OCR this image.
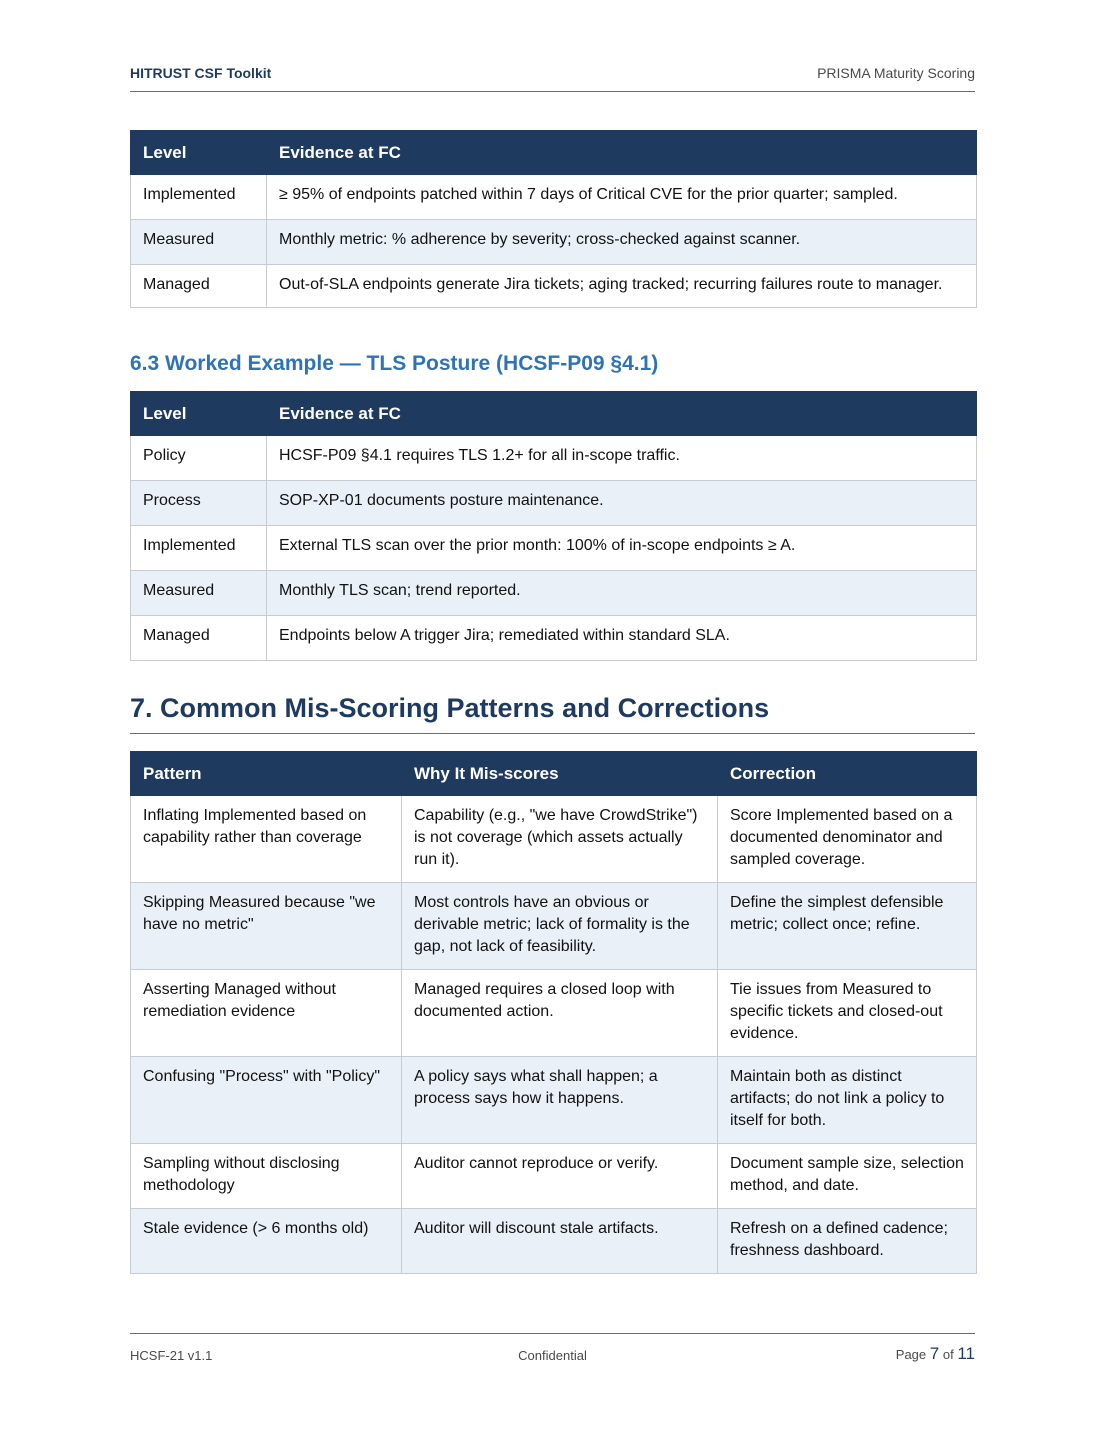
HITRUST CSF Toolkit	PRISMA Maturity Scoring
Level	Evidence at FC
Implemented	≥ 95% of endpoints patched within 7 days of Critical CVE for the prior quarter; sampled.
Measured	Monthly metric: % adherence by severity; cross-checked against scanner.
Managed	Out-of-SLA endpoints generate Jira tickets; aging tracked; recurring failures route to manager.
6.3 Worked Example — TLS Posture (HCSF-P09 §4.1)
Level	Evidence at FC
Policy	HCSF-P09 §4.1 requires TLS 1.2+ for all in-scope traffic.
Process	SOP-XP-01 documents posture maintenance.
Implemented	External TLS scan over the prior month: 100% of in-scope endpoints ≥ A.
Measured	Monthly TLS scan; trend reported.
Managed	Endpoints below A trigger Jira; remediated within standard SLA.
7. Common Mis-Scoring Patterns and Corrections
Pattern	Why It Mis-scores	Correction
Inflating Implemented based on capability rather than coverage	Capability (e.g., "we have CrowdStrike") is not coverage (which assets actually run it).	Score Implemented based on a documented denominator and sampled coverage.
Skipping Measured because "we have no metric"	Most controls have an obvious or derivable metric; lack of formality is the gap, not lack of feasibility.	Define the simplest defensible metric; collect once; refine.
Asserting Managed without remediation evidence	Managed requires a closed loop with documented action.	Tie issues from Measured to specific tickets and closed-out evidence.
Confusing "Process" with "Policy"	A policy says what shall happen; a process says how it happens.	Maintain both as distinct artifacts; do not link a policy to itself for both.
Sampling without disclosing methodology	Auditor cannot reproduce or verify.	Document sample size, selection method, and date.
Stale evidence (> 6 months old)	Auditor will discount stale artifacts.	Refresh on a defined cadence; freshness dashboard.
HCSF-21 v1.1	Confidential	Page 7 of 11
